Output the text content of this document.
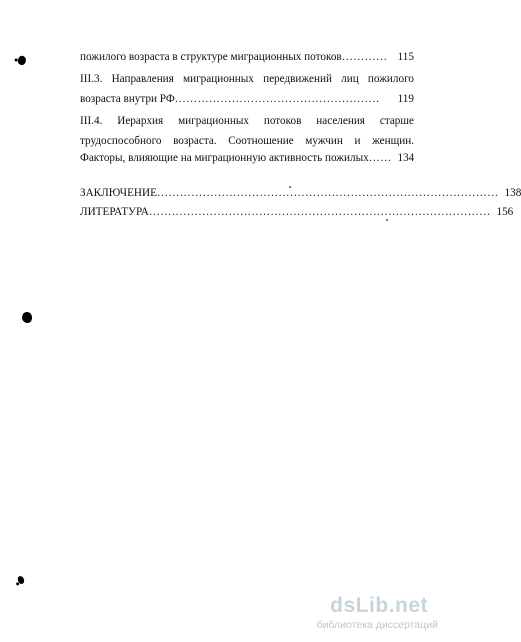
пожилого возраста в структуре миграционных потоков ………… 115
III.3. Направления миграционных передвижений лиц пожилого
возраста внутри РФ ………………………………………………	119
III.4. Иерархия миграционных потоков населения старше
трудоспособного возраста. Соотношение мужчин и женщин.
Факторы, влияющие на миграционную активность пожилых …… 134
ЗАКЛЮЧЕНИЕ ……………………………………………………………………………… 138
ЛИТЕРАТУРА ……………………………………………………………………………… 156
dsLib.net
библиотека диссертаций
